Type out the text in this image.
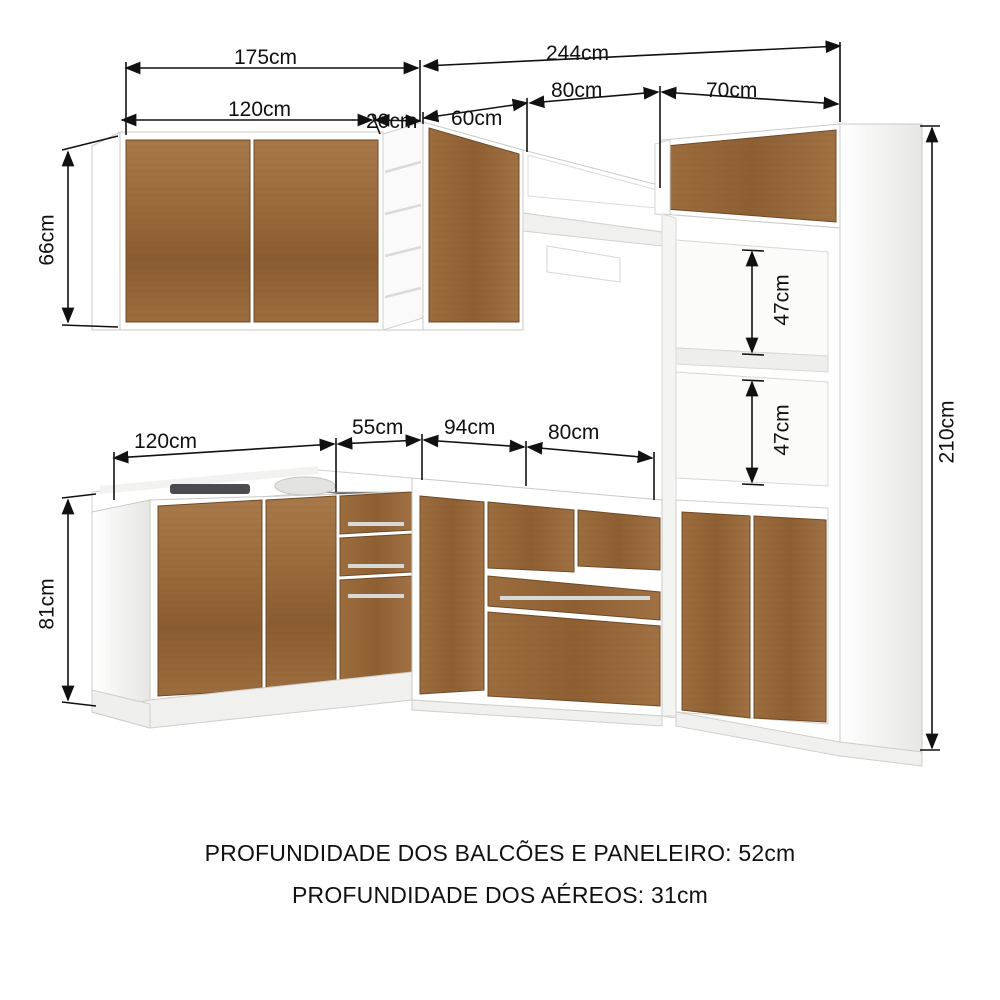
175cm	244cm
120cm
20cm 60cm
80cm	70cm
66cm
210cm
47cm
47cm
120cm
55cm 94cm	80cm
81cm
PROFUNDIDADE DOS BALCÕES E PANELEIRO: 52cm
PROFUNDIDADE DOS AÉREOS: 31cm
